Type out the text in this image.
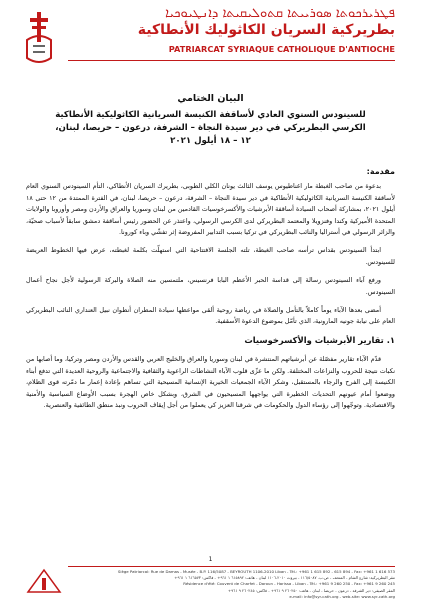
ܦܛܪܝܪܟܘܬܐ ܣܘܪܝܝܬܐ ܩܬܘܠܝܩܝܬܐ ܕܐܢܛܝܘܟܝܐ
بطريركية السريان الكاثوليك الأنطاكية
PATRIARCAT SYRIAQUE CATHOLIQUE D'ANTIOCHE
البيان الختامي
للسينودس السنوي العادي لأساقفة الكنيسة السريانية الكاثوليكية الأنطاكية
الكرسي البطريركي في دير سيدة النجاة – الشرفة، درعون – حريصا، لبنان،
١٢ – ١٨ أيلول ٢٠٢١
مقدمة:
بدعوة من صاحب الغبطة مار اغناطيوس يوسف الثالث يونان الكلي الطوبى، بطريرك السريان الأنطاكي، التأم السينودس السنوي العام لأساقفة الكنيسة السريانية الكاثوليكية الأنطاكية في دير سيدة النجاة – الشرفة، درعون – حريصا، لبنان، في الفترة الممتدة من ١٢ حتى ١٨ أيلول ٢٠٢١، بمشاركة أصحاب السيادة أساقفة الأبرشيات والأكسرخوسيات القادمين من لبنان وسوريا والعراق والأردن ومصر وأوروبا والولايات المتحدة الأميركية وكندا وفنزويلا والمعتمد البطريركي لدى الكرسي الرسولي، واعتذر عن الحضور رئيس أساقفة دمشق سابقاً لأسباب صحيّة، والزائر الرسولي في أستراليا والنائب البطريركي في تركيا بسبب التدابير المفروضة إثر تفشّي وباء كورونا.
ابتدأ السينودس بقداس ترأسه صاحب الغبطة، تلته الجلسة الافتتاحية التي استهلّت بكلمة لغبطته، عرض فيها الخطوط العريضة للسينودس.
ورفع آباء السينودس رسالة إلى قداسة الحبر الأعظم البابا فرنسيس، ملتمسين منه الصلاة والبركة الرسولية لأجل نجاح أعمال السينودس.
أمضى بعدها الآباء يوماً كاملاً بالتأمل والصلاة في رياضة روحية ألقى مواعظها سيادة المطران أنطوان نبيل العنداري النائب البطريركي العام على نيابة جونيه المارونية، الذي تأمّل بموضوع الدعوة الأسقفية.
١. تقارير الأبرشيات والأكسرخوسيات
قدّم الآباء تقارير مفصّلة عن أبرشياتهم المنتشرة في لبنان وسوريا والعراق والخليج العربي والقدس والأردن ومصر وتركيا، وما أصابها من نكبات نتيجة للحروب والنزاعات المختلفة. ولكن ما عزّى قلوب الآباء النشاطات الراعوية والثقافية والاجتماعية والروحية العديدة التي تدفع أبناء الكنيسة إلى الفرح والرجاء بالمستقبل، وشكر الآباء الجمعيات الخيرية الإنسانية المسيحية التي تساهم بإعادة إعمار ما دمّرته قوى الظلام، ووضعوا أمام عيونهم التحديات الخطيرة التي يواجهها المسيحيون في الشرق، وبشكل خاص الهجرة بسبب الأوضاع السياسية والأمنية والاقتصادية. وتوجّهوا إلى رؤساء الدول والحكومات في شرقنا العزيز كي يعملوا من أجل إيقاف الحروب ونبذ منطق الطائفية والعنصرية.
1
Siège Patriarcal: Rue de Damas - Musée - B.P. 116/5087 - BEYROUTH 1106-2010 Liban - Tél.: +961 1 615 892 - 615 894 - Fax: +961 1 616 573
مقر البطريركية: شارع الشام - المتحف - ص.ب. ١١٦/٥٠٨٧ - بيروت ٢٠١٠-١١٠٦ لبنان - هاتف: ٦١٥٨٩٢ ١ ٩٦١+ - فاكس: ٦١٦٥٧٣ ١ ٩٦١+
Résidence d'été: Couvent de Charfet - Daroun - Harissa - Liban - Tél.: +961 9 260 250 - Fax: +961 9 260 245
المقر الصيفي: دير الشرفة - درعون - حريصا - لبنان - هاتف: ٢٦٠٢٥٠ ٩ ٩٦١+ - فاكس: ٢٦٠٢٤٥ ٩ ٩٦١+
e-mail: info@syr-cath.org - web-site: www.syr-cath.org
